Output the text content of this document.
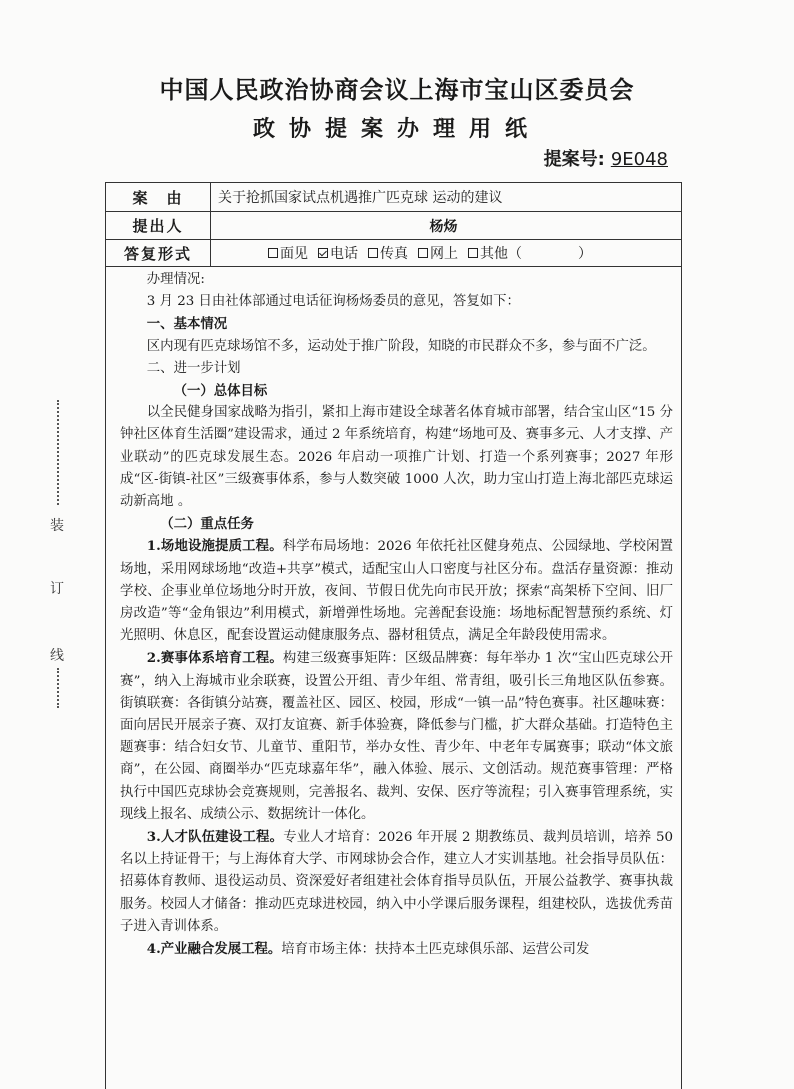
中国人民政治协商会议上海市宝山区委员会
政协提案办理用纸
提案号: 9E048
装
订
线
案　由	关于抢抓国家试点机遇推广匹克球 运动的建议
提出人	杨炀
答复形式	面见 电话 传真 网上 其他（　　　　）

办理情况:

3 月 23 日由社体部通过电话征询杨炀委员的意见，答复如下：

一、基本情况

区内现有匹克球场馆不多，运动处于推广阶段，知晓的市民群众不多，参与面不广泛。

二、进一步计划

（一）总体目标

以全民健身国家战略为指引，紧扣上海市建设全球著名体育城市部署，结合宝山区“15 分钟社区体育生活圈”建设需求，通过 2 年系统培育，构建“场地可及、赛事多元、人才支撑、产业联动”的匹克球发展生态。2026 年启动一项推广计划、打造一个系列赛事；2027 年形成“区-街镇-社区”三级赛事体系，参与人数突破 1000 人次，助力宝山打造上海北部匹克球运动新高地 。

（二）重点任务

1.场地设施提质工程。科学布局场地：2026 年依托社区健身苑点、公园绿地、学校闲置场地，采用网球场地“改造+共享”模式，适配宝山人口密度与社区分布。盘活存量资源：推动学校、企事业单位场地分时开放，夜间、节假日优先向市民开放；探索“高架桥下空间、旧厂房改造”等“金角银边”利用模式，新增弹性场地。完善配套设施：场地标配智慧预约系统、灯光照明、休息区，配套设置运动健康服务点、器材租赁点，满足全年龄段使用需求。

2.赛事体系培育工程。构建三级赛事矩阵：区级品牌赛：每年举办 1 次“宝山匹克球公开赛”，纳入上海城市业余联赛，设置公开组、青少年组、常青组，吸引长三角地区队伍参赛。街镇联赛：各街镇分站赛，覆盖社区、园区、校园，形成“一镇一品”特色赛事。社区趣味赛：面向居民开展亲子赛、双打友谊赛、新手体验赛，降低参与门槛，扩大群众基础。打造特色主题赛事：结合妇女节、儿童节、重阳节，举办女性、青少年、中老年专属赛事；联动“体文旅商”，在公园、商圈举办“匹克球嘉年华”，融入体验、展示、文创活动。规范赛事管理：严格执行中国匹克球协会竞赛规则，完善报名、裁判、安保、医疗等流程；引入赛事管理系统，实现线上报名、成绩公示、数据统计一体化。

3.人才队伍建设工程。专业人才培育：2026 年开展 2 期教练员、裁判员培训，培养 50 名以上持证骨干；与上海体育大学、市网球协会合作，建立人才实训基地。社会指导员队伍：招募体育教师、退役运动员、资深爱好者组建社会体育指导员队伍，开展公益教学、赛事执裁服务。校园人才储备：推动匹克球进校园，纳入中小学课后服务课程，组建校队，选拔优秀苗子进入青训体系。

4.产业融合发展工程。培育市场主体：扶持本土匹克球俱乐部、运营公司发
